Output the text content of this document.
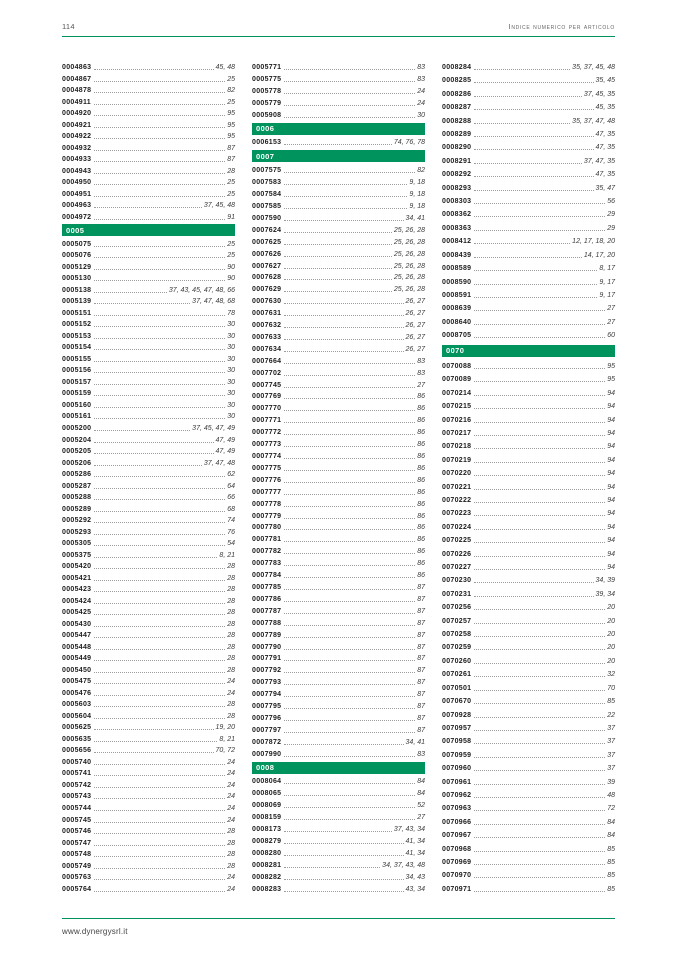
114	Indice numerico per articolo
0004863	45, 48
0004867	25
0004878	82
0004911	25
0004920	95
0004921	95
0004922	95
0004932	87
0004933	87
0004943	28
0004950	25
0004951	25
0004963	37, 45, 48
0004972	91
0005
0005075	25
0005076	25
0005129	90
0005130	90
0005138	37, 43, 45, 47, 48, 66
0005139	37, 47, 48, 68
0005151	78
0005152	30
0005153	30
0005154	30
0005155	30
0005156	30
0005157	30
0005159	30
0005160	30
0005161	30
0005200	37, 45, 47, 49
0005204	47, 49
0005205	47, 49
0005206	37, 47, 48
0005286	62
0005287	64
0005288	66
0005289	68
0005292	74
0005293	76
0005305	54
0005375	8, 21
0005420	28
0005421	28
0005423	28
0005424	28
0005425	28
0005430	28
0005447	28
0005448	28
0005449	28
0005450	28
0005475	24
0005476	24
0005603	28
0005604	28
0005625	19, 20
0005635	8, 21
0005656	70, 72
0005740	24
0005741	24
0005742	24
0005743	24
0005744	24
0005745	24
0005746	28
0005747	28
0005748	28
0005749	28
0005763	24
0005764	24
0005771	83
0005775	83
0005778	24
0005779	24
0005908	30
0006
0006153	74, 76, 78
0007
0007575	82
0007583	9, 18
0007584	9, 18
0007585	9, 18
0007590	34, 41
0007624	25, 26, 28
0007625	25, 26, 28
0007626	25, 26, 28
0007627	25, 26, 28
0007628	25, 26, 28
0007629	25, 26, 28
0007630	26, 27
0007631	26, 27
0007632	26, 27
0007633	26, 27
0007634	26, 27
0007664	83
0007702	83
0007745	27
0007769	86
0007770	86
0007771	86
0007772	86
0007773	86
0007774	86
0007775	86
0007776	86
0007777	86
0007778	86
0007779	86
0007780	86
0007781	86
0007782	86
0007783	86
0007784	86
0007785	87
0007786	87
0007787	87
0007788	87
0007789	87
0007790	87
0007791	87
0007792	87
0007793	87
0007794	87
0007795	87
0007796	87
0007797	87
0007872	34, 41
0007990	83
0008
0008064	84
0008065	84
0008069	52
0008159	27
0008173	37, 43, 34
0008279	41, 34
0008280	41, 34
0008281	34, 37, 43, 48
0008282	34, 43
0008283	43, 34
0008284	35, 37, 45, 48
0008285	35, 45
0008286	37, 45, 35
0008287	45, 35
0008288	35, 37, 47, 48
0008289	47, 35
0008290	47, 35
0008291	37, 47, 35
0008292	47, 35
0008293	35, 47
0008303	56
0008362	29
0008363	29
0008412	12, 17, 18, 20
0008439	14, 17, 20
0008589	8, 17
0008590	9, 17
0008591	9, 17
0008639	27
0008640	27
0008705	60
0070
0070088	95
0070089	95
0070214	94
0070215	94
0070216	94
0070217	94
0070218	94
0070219	94
0070220	94
0070221	94
0070222	94
0070223	94
0070224	94
0070225	94
0070226	94
0070227	94
0070230	34, 39
0070231	39, 34
0070256	20
0070257	20
0070258	20
0070259	20
0070260	20
0070261	32
0070501	70
0070670	85
0070928	22
0070957	37
0070958	37
0070959	37
0070960	37
0070961	39
0070962	48
0070963	72
0070966	84
0070967	84
0070968	85
0070969	85
0070970	85
0070971	85
www.dynergysrl.it
